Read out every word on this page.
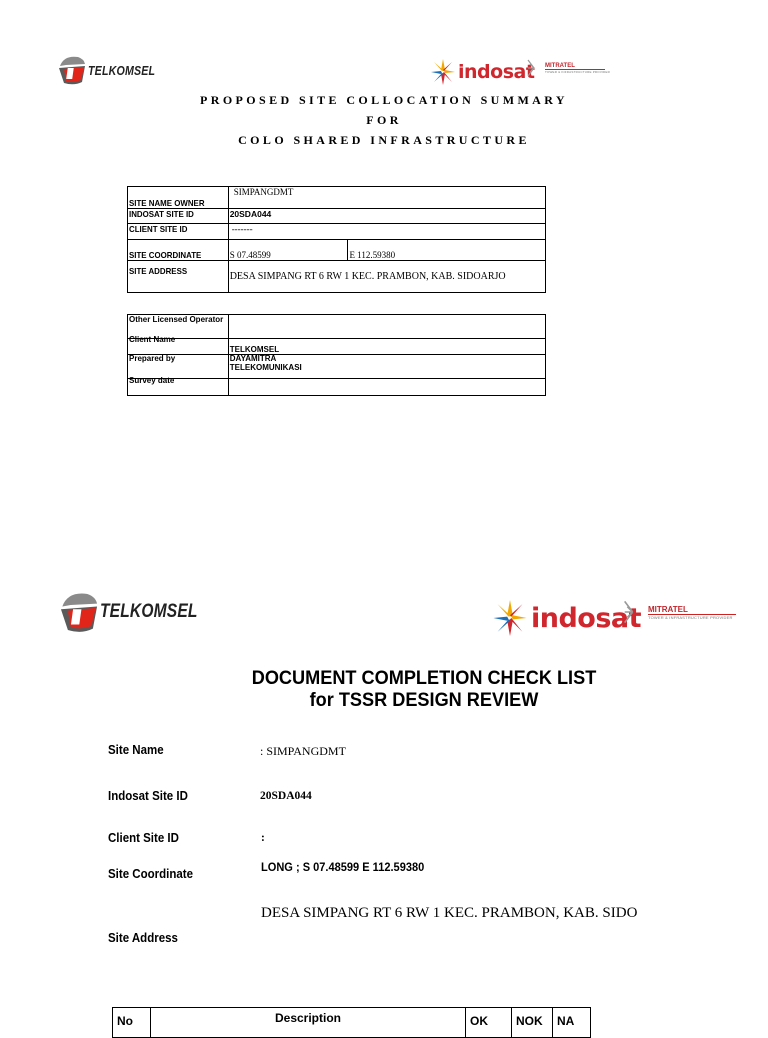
TELKOMSEL	indosat MITRATEL
TOWER & INFRASTRUCTURE PROVIDER
PROPOSED SITE COLLOCATION SUMMARY
FOR
COLO SHARED INFRASTRUCTURE
SITE NAME OWNER	SIMPANGDMT	

INDOSAT SITE ID	20SDA044	

CLIENT SITE ID	-------	

SITE COORDINATE	S 07.48599	E 112.59380

SITE ADDRESS	DESA SIMPANG RT 6 RW 1 KEC. PRAMBON, KAB. SIDOARJO	
Other Licensed Operator	

Client Name	TELKOMSEL

Prepared by	DAYAMITRA TELEKOMUNIKASI

Survey date	

TELKOMSEL	indosat MITRATEL
TOWER & INFRASTRUCTURE PROVIDER
DOCUMENT COMPLETION CHECK LIST
for TSSR DESIGN REVIEW
Site Name	: SIMPANGDMT
Indosat Site ID	20SDA044
Client Site ID	:
Site Coordinate	LONG ; S 07.48599 E 112.59380
Site Address
DESA SIMPANG RT 6 RW 1 KEC. PRAMBON, KAB. SIDO
No	Description	OK	NOK	NA
